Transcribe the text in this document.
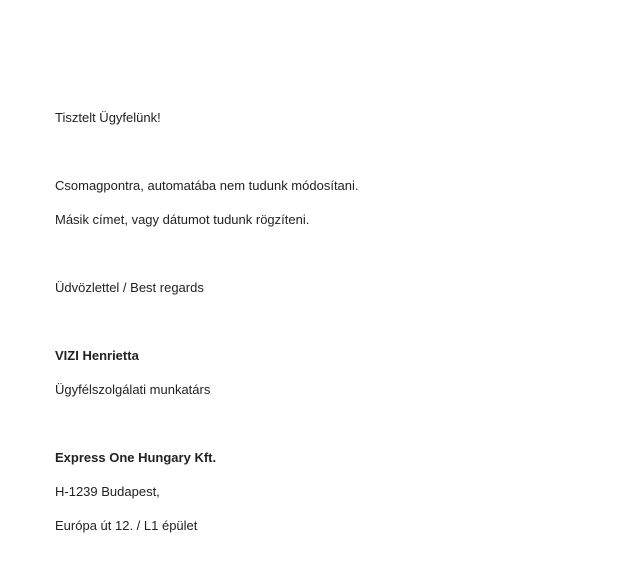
Tisztelt Ügyfelünk!
Csomagpontra, automatába nem tudunk módosítani.
Másik címet, vagy dátumot tudunk rögzíteni.
Üdvözlettel / Best regards
VIZI Henrietta
Ügyfélszolgálati munkatárs
Express One Hungary Kft.
H-1239 Budapest,
Európa út 12. / L1 épület
